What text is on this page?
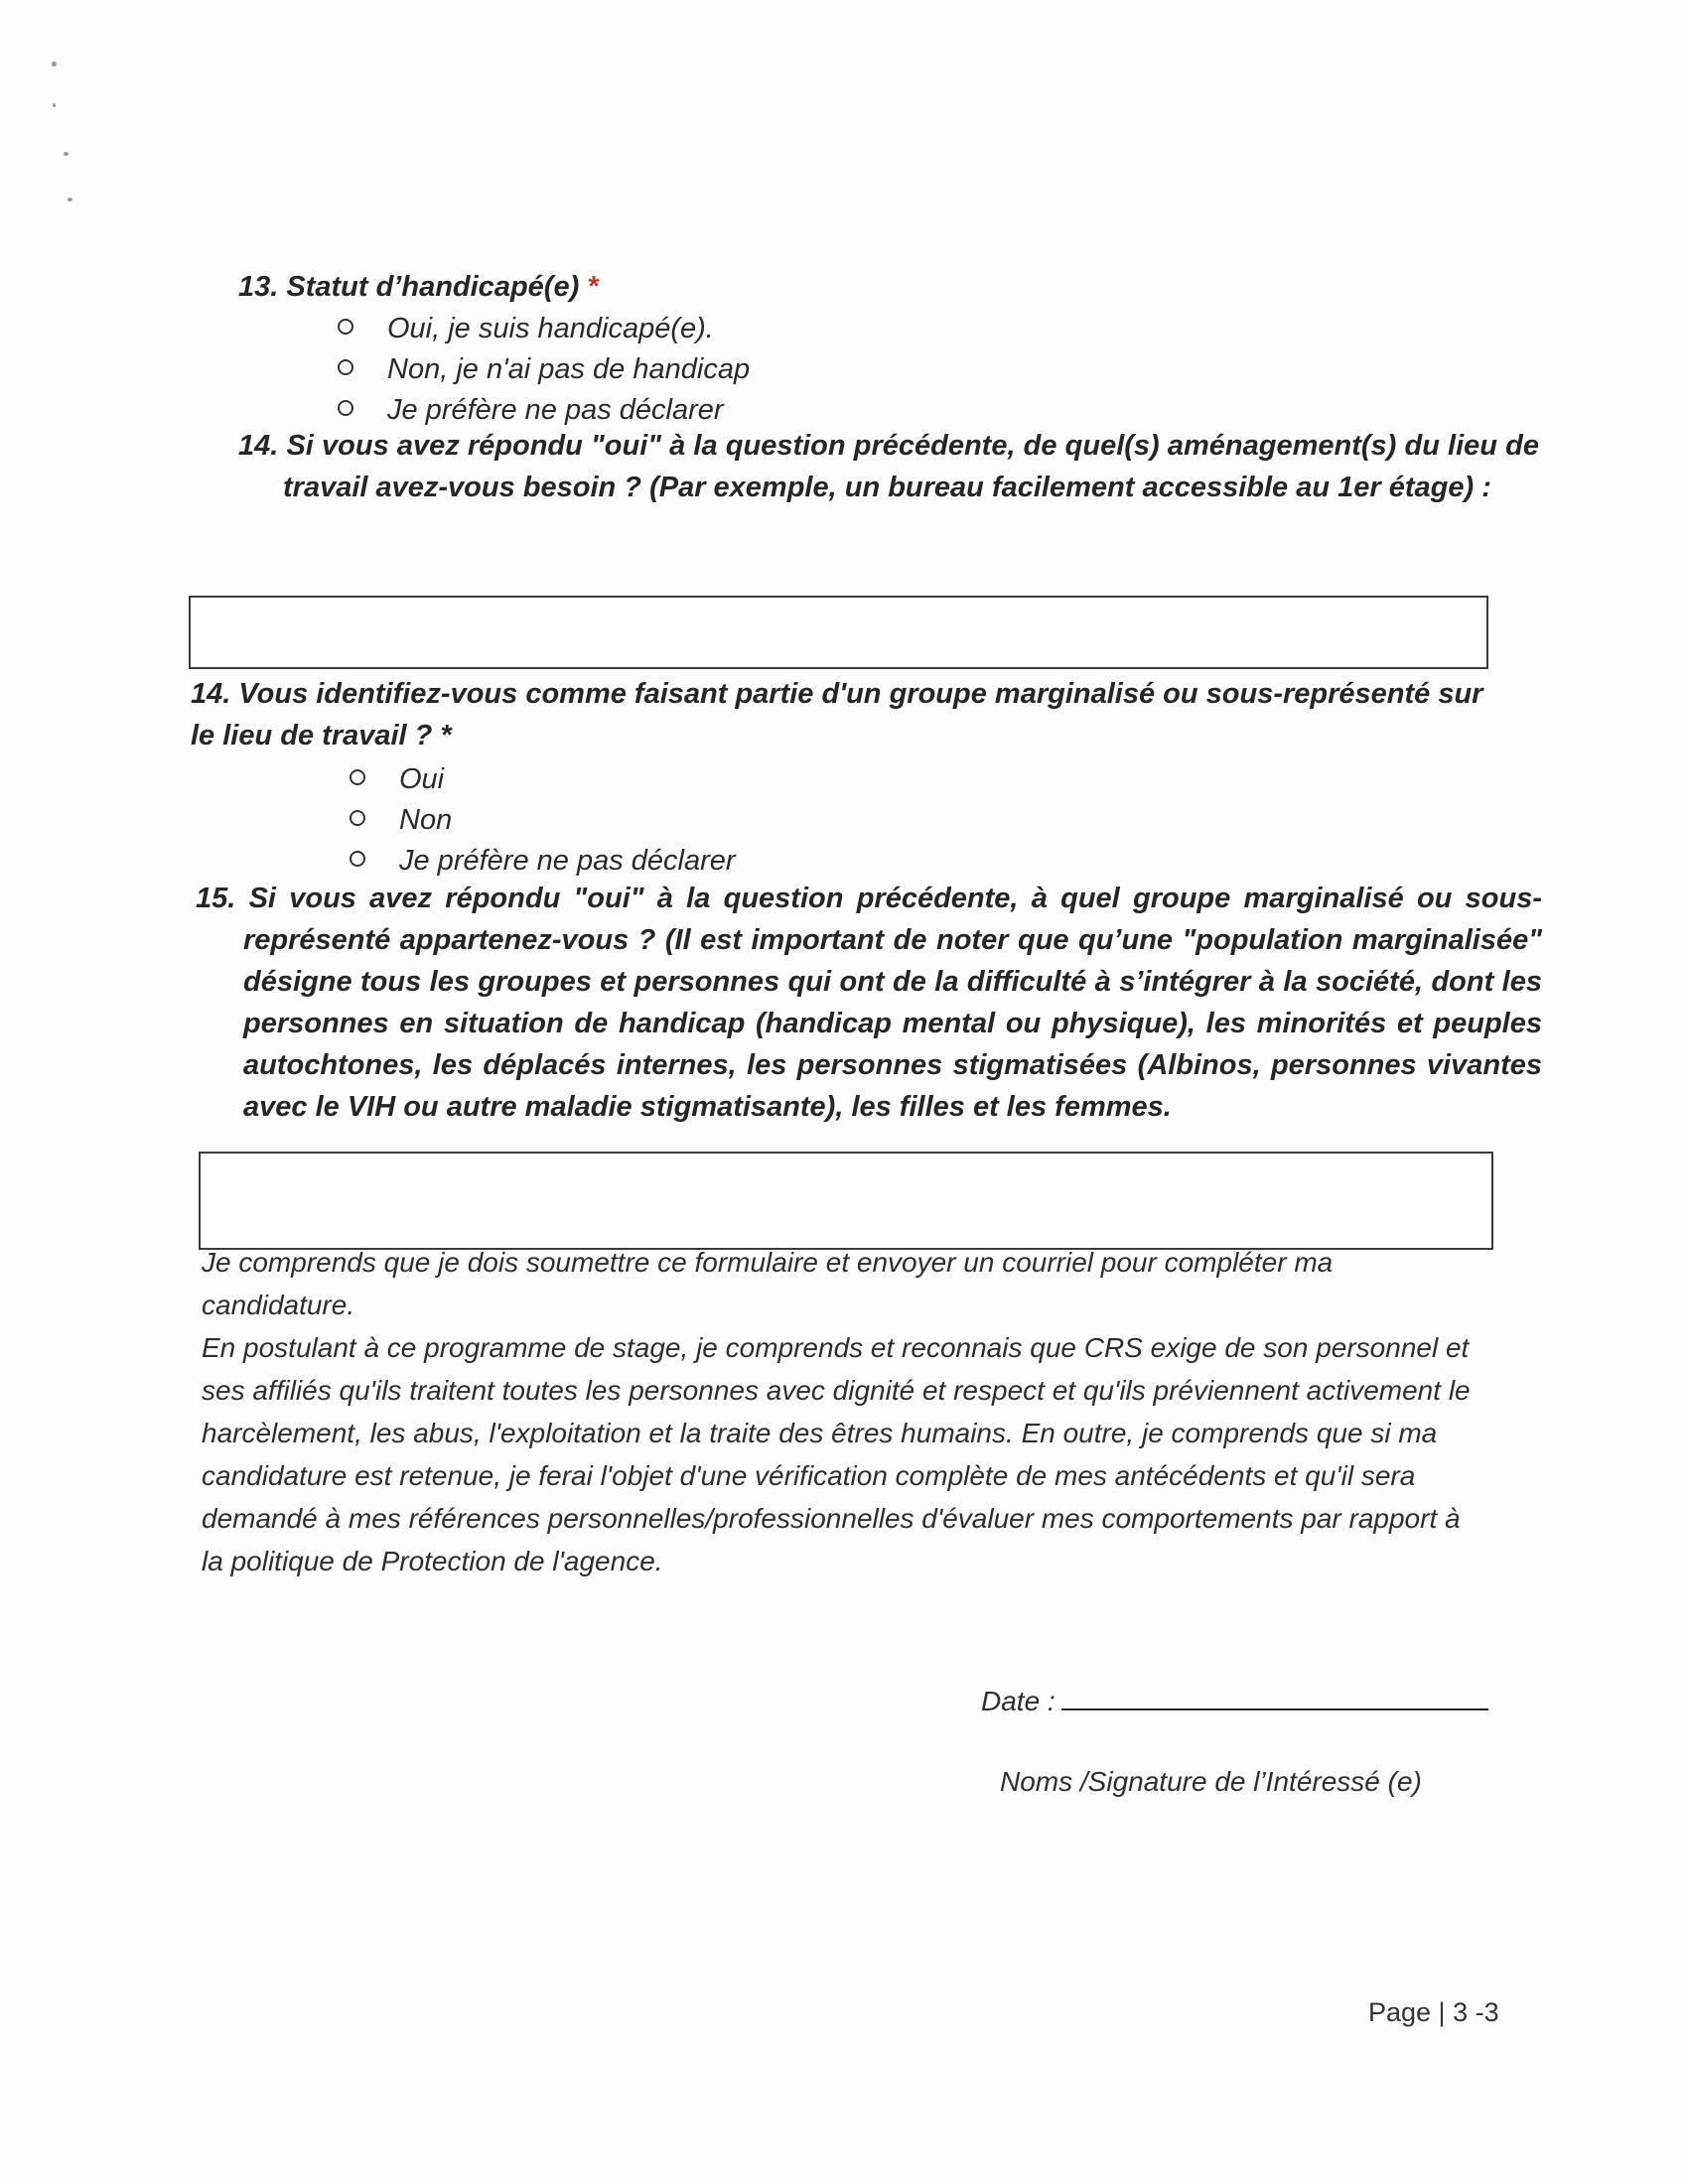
13. Statut d’handicapé(e) *
Oui, je suis handicapé(e).
Non, je n'ai pas de handicap
Je préfère ne pas déclarer
14. Si vous avez répondu "oui" à la question précédente, de quel(s) aménagement(s) du lieu de travail avez-vous besoin ? (Par exemple, un bureau facilement accessible au 1er étage) :
14. Vous identifiez-vous comme faisant partie d'un groupe marginalisé ou sous-représenté sur le lieu de travail ? *
Oui
Non
Je préfère ne pas déclarer
15. Si vous avez répondu "oui" à la question précédente, à quel groupe marginalisé ou sous-représenté appartenez-vous ? (Il est important de noter que qu’une "population marginalisée" désigne tous les groupes et personnes qui ont de la difficulté à s’intégrer à la société, dont les personnes en situation de handicap (handicap mental ou physique), les minorités et peuples autochtones, les déplacés internes, les personnes stigmatisées (Albinos, personnes vivantes avec le VIH ou autre maladie stigmatisante), les filles et les femmes.
Je comprends que je dois soumettre ce formulaire et envoyer un courriel pour compléter ma candidature.
En postulant à ce programme de stage, je comprends et reconnais que CRS exige de son personnel et ses affiliés qu'ils traitent toutes les personnes avec dignité et respect et qu'ils préviennent activement le harcèlement, les abus, l'exploitation et la traite des êtres humains. En outre, je comprends que si ma candidature est retenue, je ferai l'objet d'une vérification complète de mes antécédents et qu'il sera demandé à mes références personnelles/professionnelles d'évaluer mes comportements par rapport à la politique de Protection de l'agence.
Date :
Noms /Signature de l’Intéressé (e)
Page | 3 -3
